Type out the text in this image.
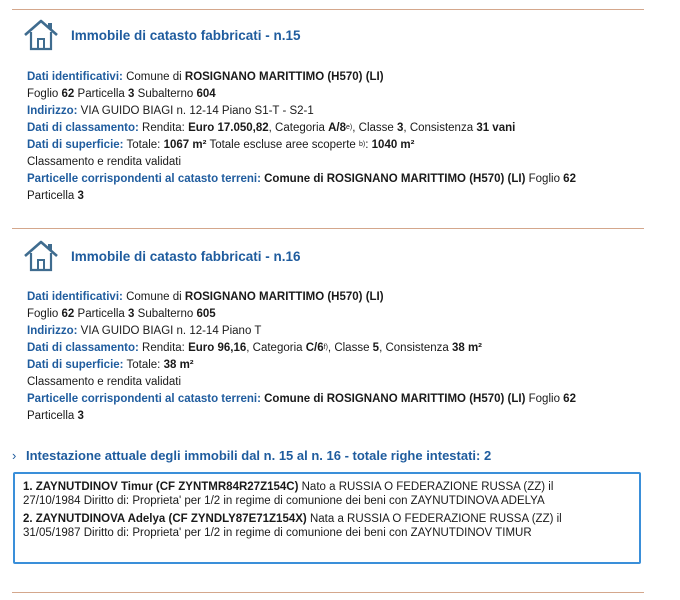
Immobile di catasto fabbricati - n.15
Dati identificativi: Comune di ROSIGNANO MARITTIMO (H570) (LI)
Foglio 62 Particella 3 Subalterno 604
Indirizzo: VIA GUIDO BIAGI n. 12-14 Piano S1-T - S2-1
Dati di classamento: Rendita: Euro 17.050,82, Categoria A/8$^{e)}$, Classe 3, Consistenza 31 vani
Dati di superficie: Totale: 1067 m² Totale escluse aree scoperte $^{b)}$: 1040 m²
Classamento e rendita validati
Particelle corrispondenti al catasto terreni: Comune di ROSIGNANO MARITTIMO (H570) (LI) Foglio 62
Particella 3
Immobile di catasto fabbricati - n.16
Dati identificativi: Comune di ROSIGNANO MARITTIMO (H570) (LI)
Foglio 62 Particella 3 Subalterno 605
Indirizzo: VIA GUIDO BIAGI n. 12-14 Piano T
Dati di classamento: Rendita: Euro 96,16, Categoria C/6$^{f)}$, Classe 5, Consistenza 38 m²
Dati di superficie: Totale: 38 m²
Classamento e rendita validati
Particelle corrispondenti al catasto terreni: Comune di ROSIGNANO MARITTIMO (H570) (LI) Foglio 62
Particella 3
› Intestazione attuale degli immobili dal n. 15 al n. 16 - totale righe intestati: 2
1. ZAYNUTDINOV Timur (CF ZYNTMR84R27Z154C) Nato a RUSSIA O FEDERAZIONE RUSSA (ZZ) il
27/10/1984 Diritto di: Proprieta' per 1/2 in regime di comunione dei beni con ZAYNUTDINOVA ADELYA
2. ZAYNUTDINOVA Adelya (CF ZYNDLY87E71Z154X) Nata a RUSSIA O FEDERAZIONE RUSSA (ZZ) il
31/05/1987 Diritto di: Proprieta' per 1/2 in regime di comunione dei beni con ZAYNUTDINOV TIMUR
